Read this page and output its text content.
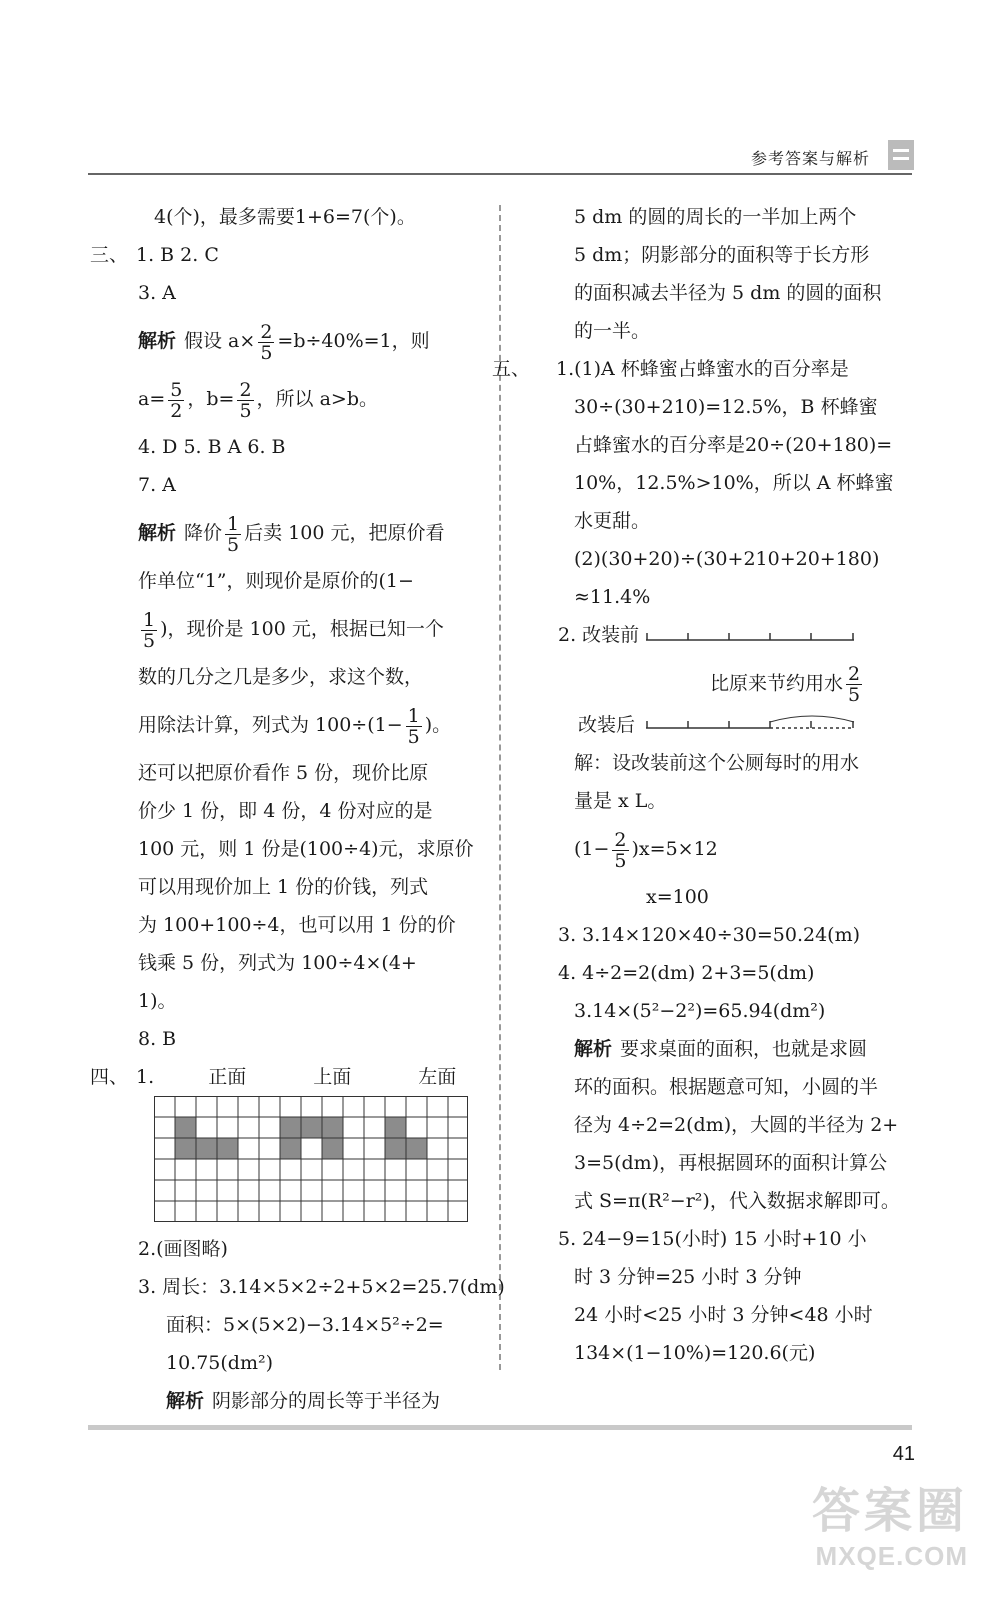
参考答案与解析
4(个)，最多需要1+6=7(个)。
三、 1. B 2. C
3. A
解析 假设 $a\times \frac{2}{5} =b\div 40\%=1$，则
$a= \frac{5}{2}$ ，$b= \frac{2}{5}$ ，所以 a>b。
4. D 5. B A 6. B
7. A
解析 降价 $\frac{1}{5}$ 后卖 100 元，把原价看
作单位“1”，则现价是原价的(1−
$\frac{1}{5}$ )，现价是 100 元，根据已知一个
数的几分之几是多少，求这个数，
用除法计算，列式为 $100\div(1- \frac{1}{5}$ )。
还可以把原价看作 5 份，现价比原
价少 1 份，即 4 份，4 份对应的是
100 元，则 1 份是(100÷4)元，求原价
可以用现价加上 1 份的价钱，列式
为 100+100÷4，也可以用 1 份的价
钱乘 5 份，列式为 100÷4×(4+
1)。
8. B
四、 1.	正面	上面	左面
2.(画图略)
3. 周长：3.14×5×2÷2+5×2=25.7(dm)
面积：5×(5×2)−3.14×5²÷2=
10.75(dm²)
解析 阴影部分的周长等于半径为
5 dm 的圆的周长的一半加上两个
5 dm；阴影部分的面积等于长方形
的面积减去半径为 5 dm 的圆的面积
的一半。
五、 1.(1)A 杯蜂蜜占蜂蜜水的百分率是
30÷(30+210)=12.5%，B 杯蜂蜜
占蜂蜜水的百分率是20÷(20+180)=
10%，12.5%>10%，所以 A 杯蜂蜜
水更甜。
(2)(30+20)÷(30+210+20+180)
≈11.4%
2. 改装前
比原来节约用水 $\frac{2}{5}$
改装后
解：设改装前这个公厕每时的用水
量是 x L。
$(1- \frac{2}{5} )x=5\times 12$
x=100
3. 3.14×120×40÷30=50.24(m)
4. 4÷2=2(dm) 2+3=5(dm)
3.14×(5²−2²)=65.94(dm²)
解析 要求桌面的面积，也就是求圆
环的面积。根据题意可知，小圆的半
径为 4÷2=2(dm)，大圆的半径为 2+
3=5(dm)，再根据圆环的面积计算公
式 S=π(R²−r²)，代入数据求解即可。
5. 24−9=15(小时) 15 小时+10 小
时 3 分钟=25 小时 3 分钟
24 小时<25 小时 3 分钟<48 小时
134×(1−10%)=120.6(元)
41
答案圈
MXQE.COM
